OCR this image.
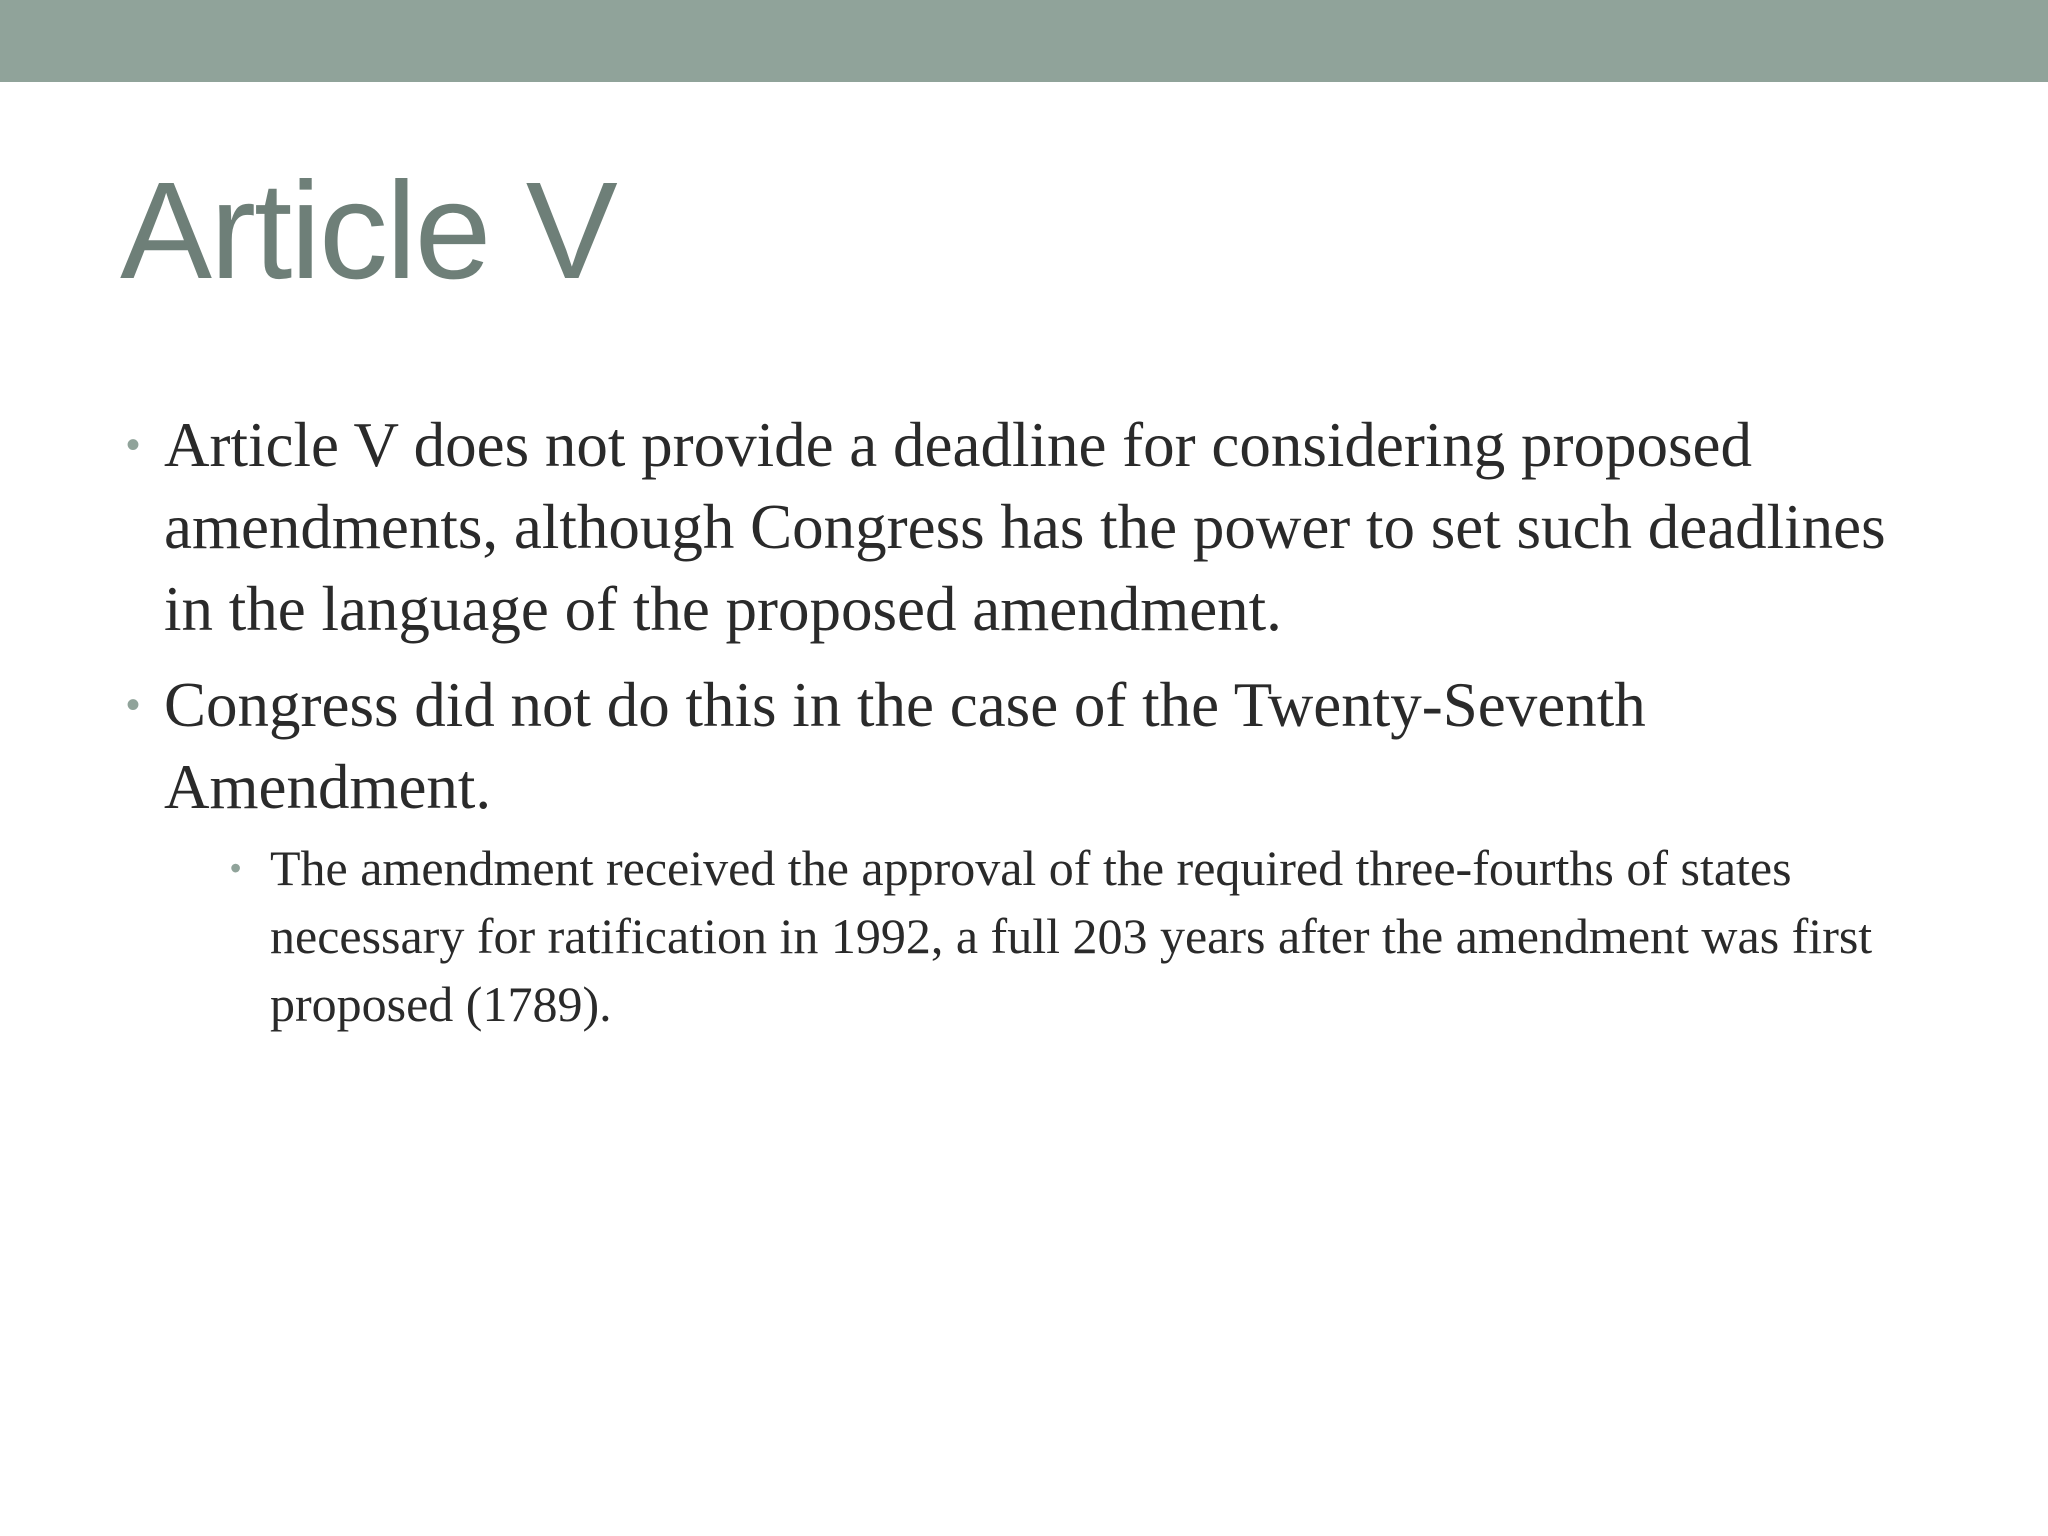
Article V
• Article V does not provide a deadline for considering proposed amendments, although Congress has the power to set such deadlines in the language of the proposed amendment.
• Congress did not do this in the case of the Twenty-Seventh Amendment.
• The amendment received the approval of the required three-fourths of states necessary for ratification in 1992, a full 203 years after the amendment was first proposed (1789).
